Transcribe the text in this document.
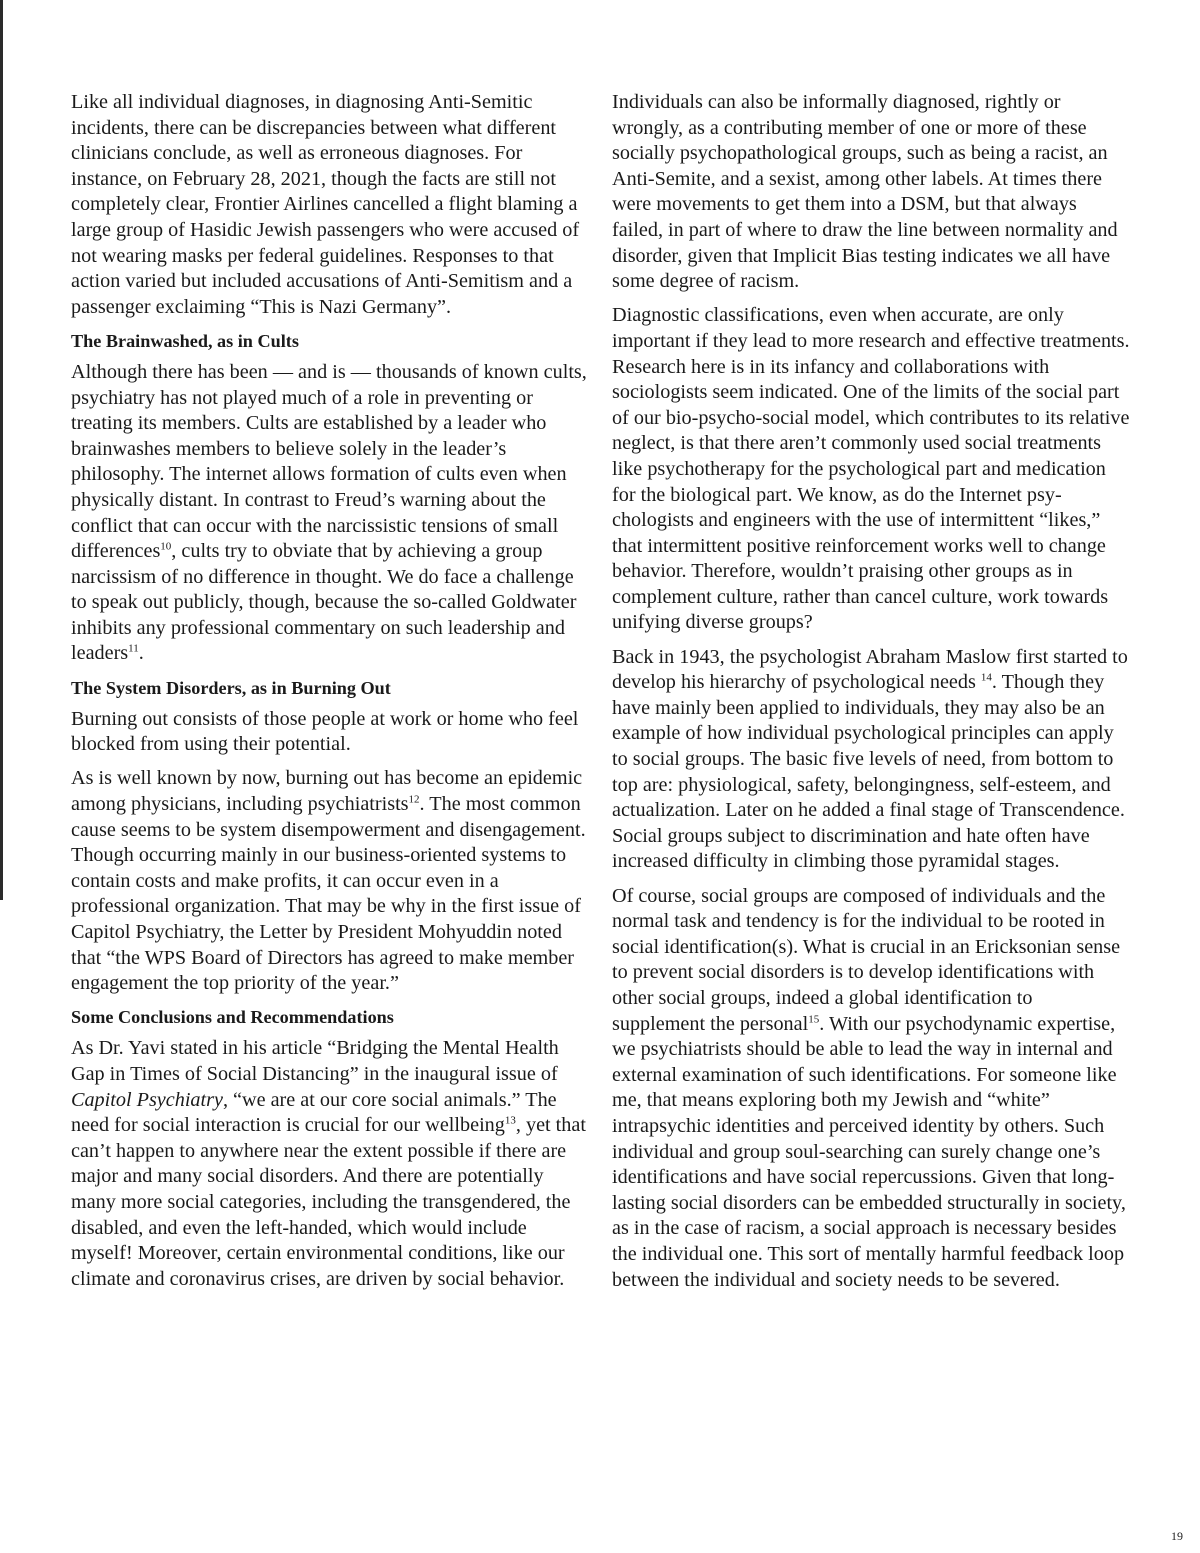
Like all individual diagnoses, in diagnosing Anti-Semitic incidents, there can be discrepancies between what different clinicians conclude, as well as erroneous diagnoses. For instance, on February 28, 2021, though the facts are still not completely clear, Frontier Airlines cancelled a flight blaming a large group of Hasidic Jewish passengers who were accused of not wearing masks per federal guidelines. Responses to that action varied but included accusations of Anti-Semitism and a passenger exclaiming “This is Nazi Germany”.

The Brainwashed, as in Cults

Although there has been — and is — thousands of known cults, psychiatry has not played much of a role in preventing or treating its members. Cults are established by a leader who brainwashes members to believe solely in the leader’s philosophy. The internet allows formation of cults even when physically distant. In contrast to Freud’s warning about the conflict that can occur with the narcissistic tensions of small differences$^{10}$, cults try to obviate that by achieving a group narcissism of no difference in thought. We do face a challenge to speak out publicly, though, because the so-called Goldwater inhibits any professional commentary on such leadership and leaders$^{11}$.

The System Disorders, as in Burning Out

Burning out consists of those people at work or home who feel blocked from using their potential.

As is well known by now, burning out has become an epidemic among physicians, including psychiatrists$^{12}$. The most common cause seems to be system disempowerment and disengagement. Though occurring mainly in our business-oriented systems to contain costs and make profits, it can occur even in a professional organization. That may be why in the first issue of Capitol Psychiatry, the Letter by President Mohyuddin noted that “the WPS Board of Directors has agreed to make member engagement the top priority of the year.”

Some Conclusions and Recommendations

As Dr. Yavi stated in his article “Bridging the Mental Health Gap in Times of Social Distancing” in the inaugural issue of Capitol Psychiatry, “we are at our core social animals.” The need for social interaction is crucial for our wellbeing$^{13}$, yet that can’t happen to anywhere near the extent possible if there are major and many social disorders. And there are potentially many more social categories, including the transgendered, the disabled, and even the left-handed, which would include myself! Moreover, certain environmental conditions, like our climate and coronavirus crises, are driven by social behavior.

Individuals can also be informally diagnosed, rightly or wrongly, as a contributing member of one or more of these socially psychopathological groups, such as being a racist, an Anti-Semite, and a sexist, among other labels. At times there were movements to get them into a DSM, but that always failed, in part of where to draw the line between normality and disorder, given that Implicit Bias testing indicates we all have some degree of racism.

Diagnostic classifications, even when accurate, are only important if they lead to more research and effective treatments. Research here is in its infancy and collaborations with sociologists seem indicated. One of the limits of the social part of our bio-psycho-social model, which contributes to its relative neglect, is that there aren’t commonly used social treatments like psychotherapy for the psychological part and medication for the biological part. We know, as do the Internet psychologists and engineers with the use of intermittent “likes,” that intermittent positive reinforcement works well to change behavior. Therefore, wouldn’t praising other groups as in complement culture, rather than cancel culture, work towards unifying diverse groups?

Back in 1943, the psychologist Abraham Maslow first started to develop his hierarchy of psychological needs $^{14}$. Though they have mainly been applied to individuals, they may also be an example of how individual psychological principles can apply to social groups. The basic five levels of need, from bottom to top are: physiological, safety, belongingness, self-esteem, and actualization. Later on he added a final stage of Transcendence. Social groups subject to discrimination and hate often have increased difficulty in climbing those pyramidal stages.

Of course, social groups are composed of individuals and the normal task and tendency is for the individual to be rooted in social identification(s). What is crucial in an Ericksonian sense to prevent social disorders is to develop identifications with other social groups, indeed a global identification to supplement the personal$^{15}$. With our psychodynamic expertise, we psychiatrists should be able to lead the way in internal and external examination of such identifications. For someone like me, that means exploring both my Jewish and “white” intrapsychic identities and perceived identity by others. Such individual and group soul-searching can surely change one’s identifications and have social repercussions. Given that long-lasting social disorders can be embedded structurally in society, as in the case of racism, a social approach is necessary besides the individual one. This sort of mentally harmful feedback loop between the individual and society needs to be severed.

19
